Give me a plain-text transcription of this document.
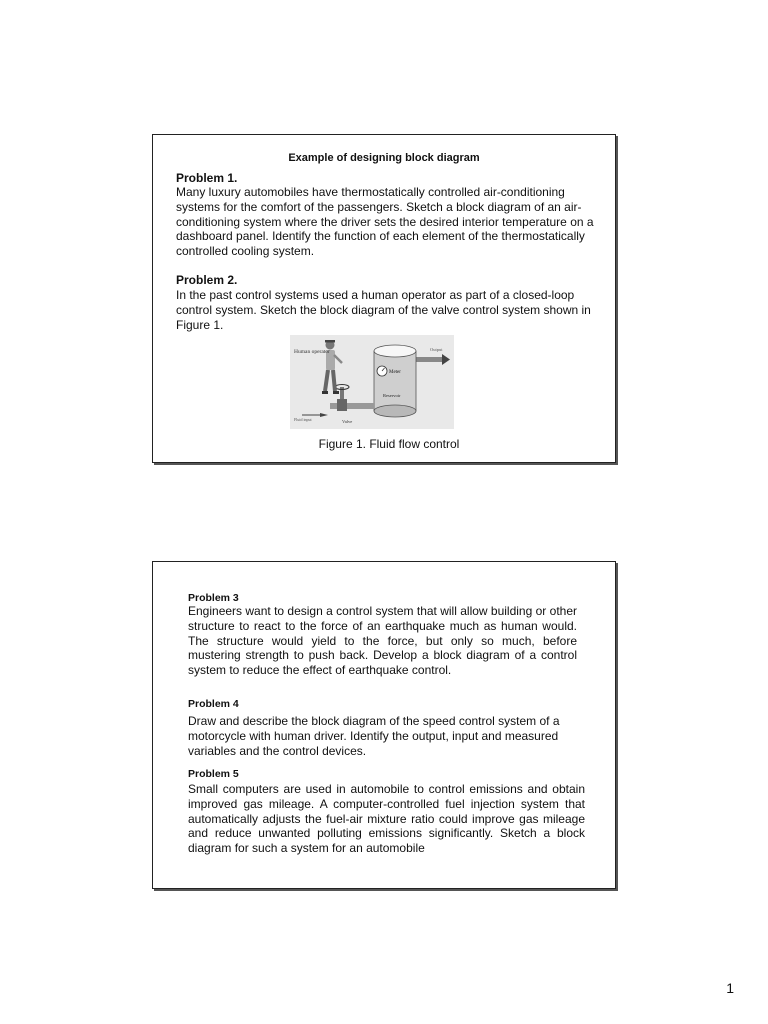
Example of designing block diagram
Problem 1.

Many luxury automobiles have thermostatically controlled air-conditioning systems for the comfort of the passengers. Sketch a block diagram of an air-conditioning system where the driver sets the desired interior temperature on a dashboard panel. Identify the function of each element of the thermostatically controlled cooling system.

Problem 2.

In the past control systems used a human operator as part of a closed-loop control system. Sketch the block diagram of the valve control system shown in Figure 1.

Human operator	Output
Meter
Reservoir
Fluid input	Valve
Figure 1. Fluid flow control
Problem 3

Engineers want to design a control system that will allow building or other structure to react to the force of an earthquake much as human would. The structure would yield to the force, but only so much, before mustering strength to push back. Develop a block diagram of a control system to reduce the effect of earthquake control.

Problem 4

Draw and describe the block diagram of the speed control system of a motorcycle with human driver. Identify the output, input and measured variables and the control devices.

Problem 5

Small computers are used in automobile to control emissions and obtain improved gas mileage. A computer-controlled fuel injection system that automatically adjusts the fuel-air mixture ratio could improve gas mileage and reduce unwanted polluting emissions significantly. Sketch a block diagram for such a system for an automobile

1
